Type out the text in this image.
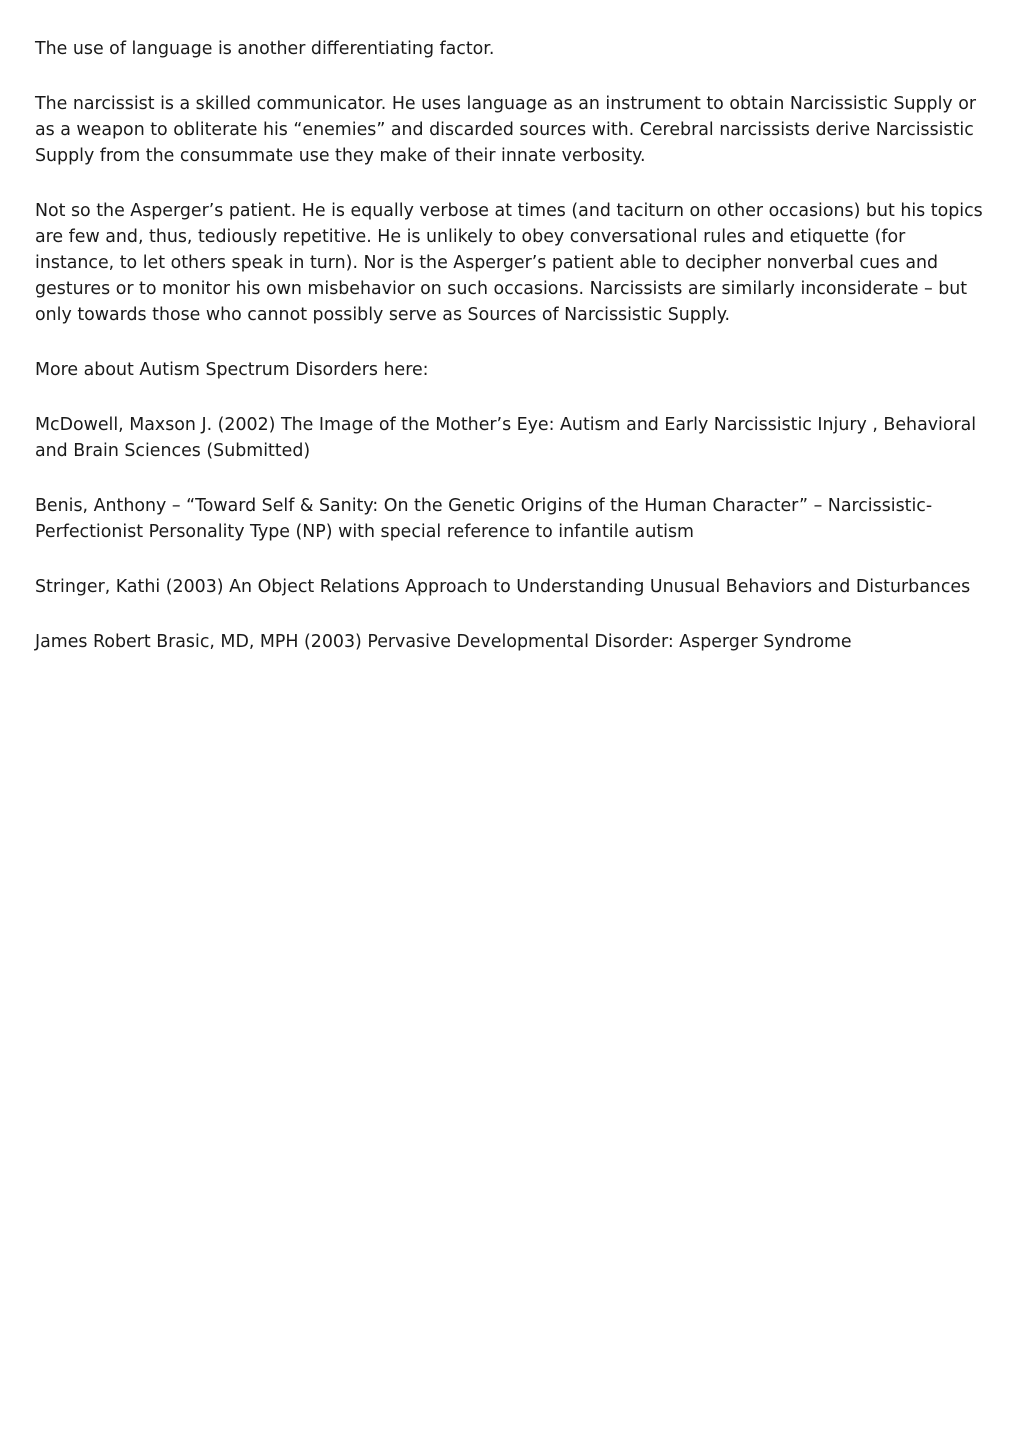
The use of language is another differentiating factor.

The narcissist is a skilled communicator. He uses language as an instrument to obtain Narcissistic Supply or as a weapon to obliterate his “enemies” and discarded sources with. Cerebral narcissists derive Narcissistic Supply from the consummate use they make of their innate verbosity.

Not so the Asperger’s patient. He is equally verbose at times (and taciturn on other occasions) but his topics are few and, thus, tediously repetitive. He is unlikely to obey conversational rules and etiquette (for instance, to let others speak in turn). Nor is the Asperger’s patient able to decipher nonverbal cues and gestures or to monitor his own misbehavior on such occasions. Narcissists are similarly inconsiderate – but only towards those who cannot possibly serve as Sources of Narcissistic Supply.

More about Autism Spectrum Disorders here:

McDowell, Maxson J. (2002) The Image of the Mother’s Eye: Autism and Early Narcissistic Injury , Behavioral and Brain Sciences (Submitted)

Benis, Anthony – “Toward Self & Sanity: On the Genetic Origins of the Human Character” – Narcissistic-Perfectionist Personality Type (NP) with special reference to infantile autism

Stringer, Kathi (2003) An Object Relations Approach to Understanding Unusual Behaviors and Disturbances

James Robert Brasic, MD, MPH (2003) Pervasive Developmental Disorder: Asperger Syndrome
